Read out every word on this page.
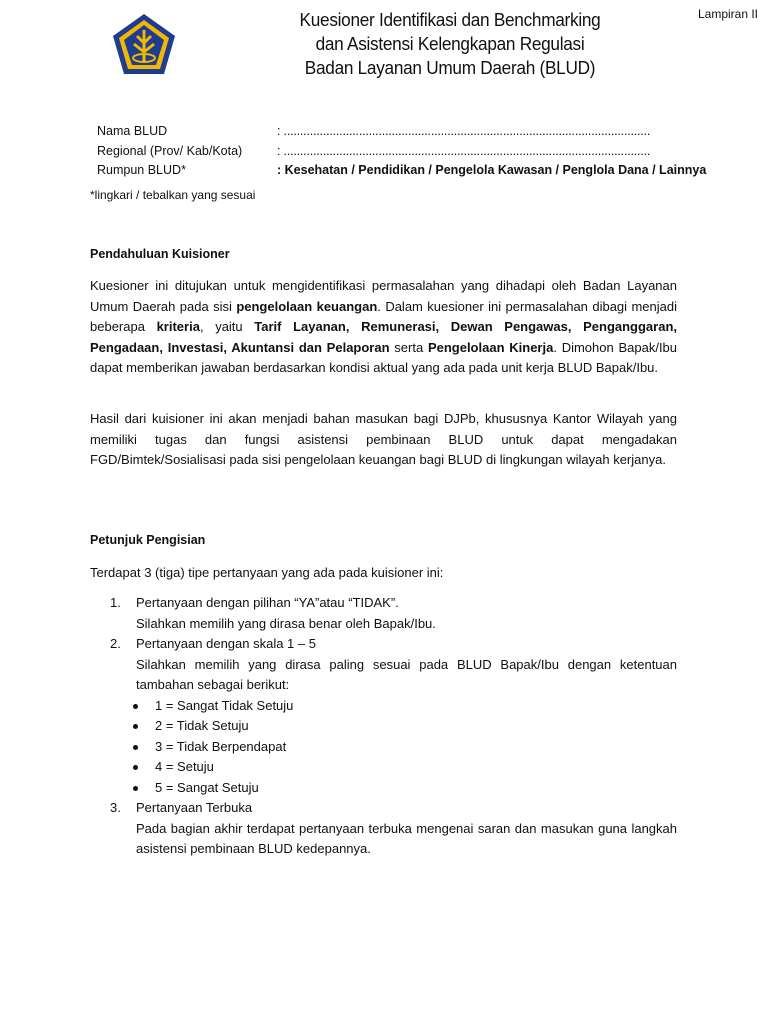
Lampiran II
Kuesioner Identifikasi dan Benchmarking
dan Asistensi Kelengkapan Regulasi
Badan Layanan Umum Daerah (BLUD)
Nama BLUD	: ................................................................................................................
Regional (Prov/ Kab/Kota)	: ................................................................................................................
Rumpun BLUD*	: Kesehatan / Pendidikan / Pengelola Kawasan / Penglola Dana / Lainnya
*lingkari / tebalkan yang sesuai
Pendahuluan Kuisioner
Kuesioner ini ditujukan untuk mengidentifikasi permasalahan yang dihadapi oleh Badan Layanan Umum Daerah pada sisi pengelolaan keuangan. Dalam kuesioner ini permasalahan dibagi menjadi beberapa kriteria, yaitu Tarif Layanan, Remunerasi, Dewan Pengawas, Penganggaran, Pengadaan, Investasi, Akuntansi dan Pelaporan serta Pengelolaan Kinerja. Dimohon Bapak/Ibu dapat memberikan jawaban berdasarkan kondisi aktual yang ada pada unit kerja BLUD Bapak/Ibu.
Hasil dari kuisioner ini akan menjadi bahan masukan bagi DJPb, khususnya Kantor Wilayah yang memiliki tugas dan fungsi asistensi pembinaan BLUD untuk dapat mengadakan FGD/Bimtek/Sosialisasi pada sisi pengelolaan keuangan bagi BLUD di lingkungan wilayah kerjanya.
Petunjuk Pengisian
Terdapat 3 (tiga) tipe pertanyaan yang ada pada kuisioner ini:
1. Pertanyaan dengan pilihan “YA”atau “TIDAK”.

Silahkan memilih yang dirasa benar oleh Bapak/Ibu.

2. Pertanyaan dengan skala 1 – 5

Silahkan memilih yang dirasa paling sesuai pada BLUD Bapak/Ibu dengan ketentuan tambahan sebagai berikut:

1 = Sangat Tidak Setuju
2 = Tidak Setuju
3 = Tidak Berpendapat
4 = Setuju
5 = Sangat Setuju
3. Pertanyaan Terbuka

Pada bagian akhir terdapat pertanyaan terbuka mengenai saran dan masukan guna langkah asistensi pembinaan BLUD kedepannya.
